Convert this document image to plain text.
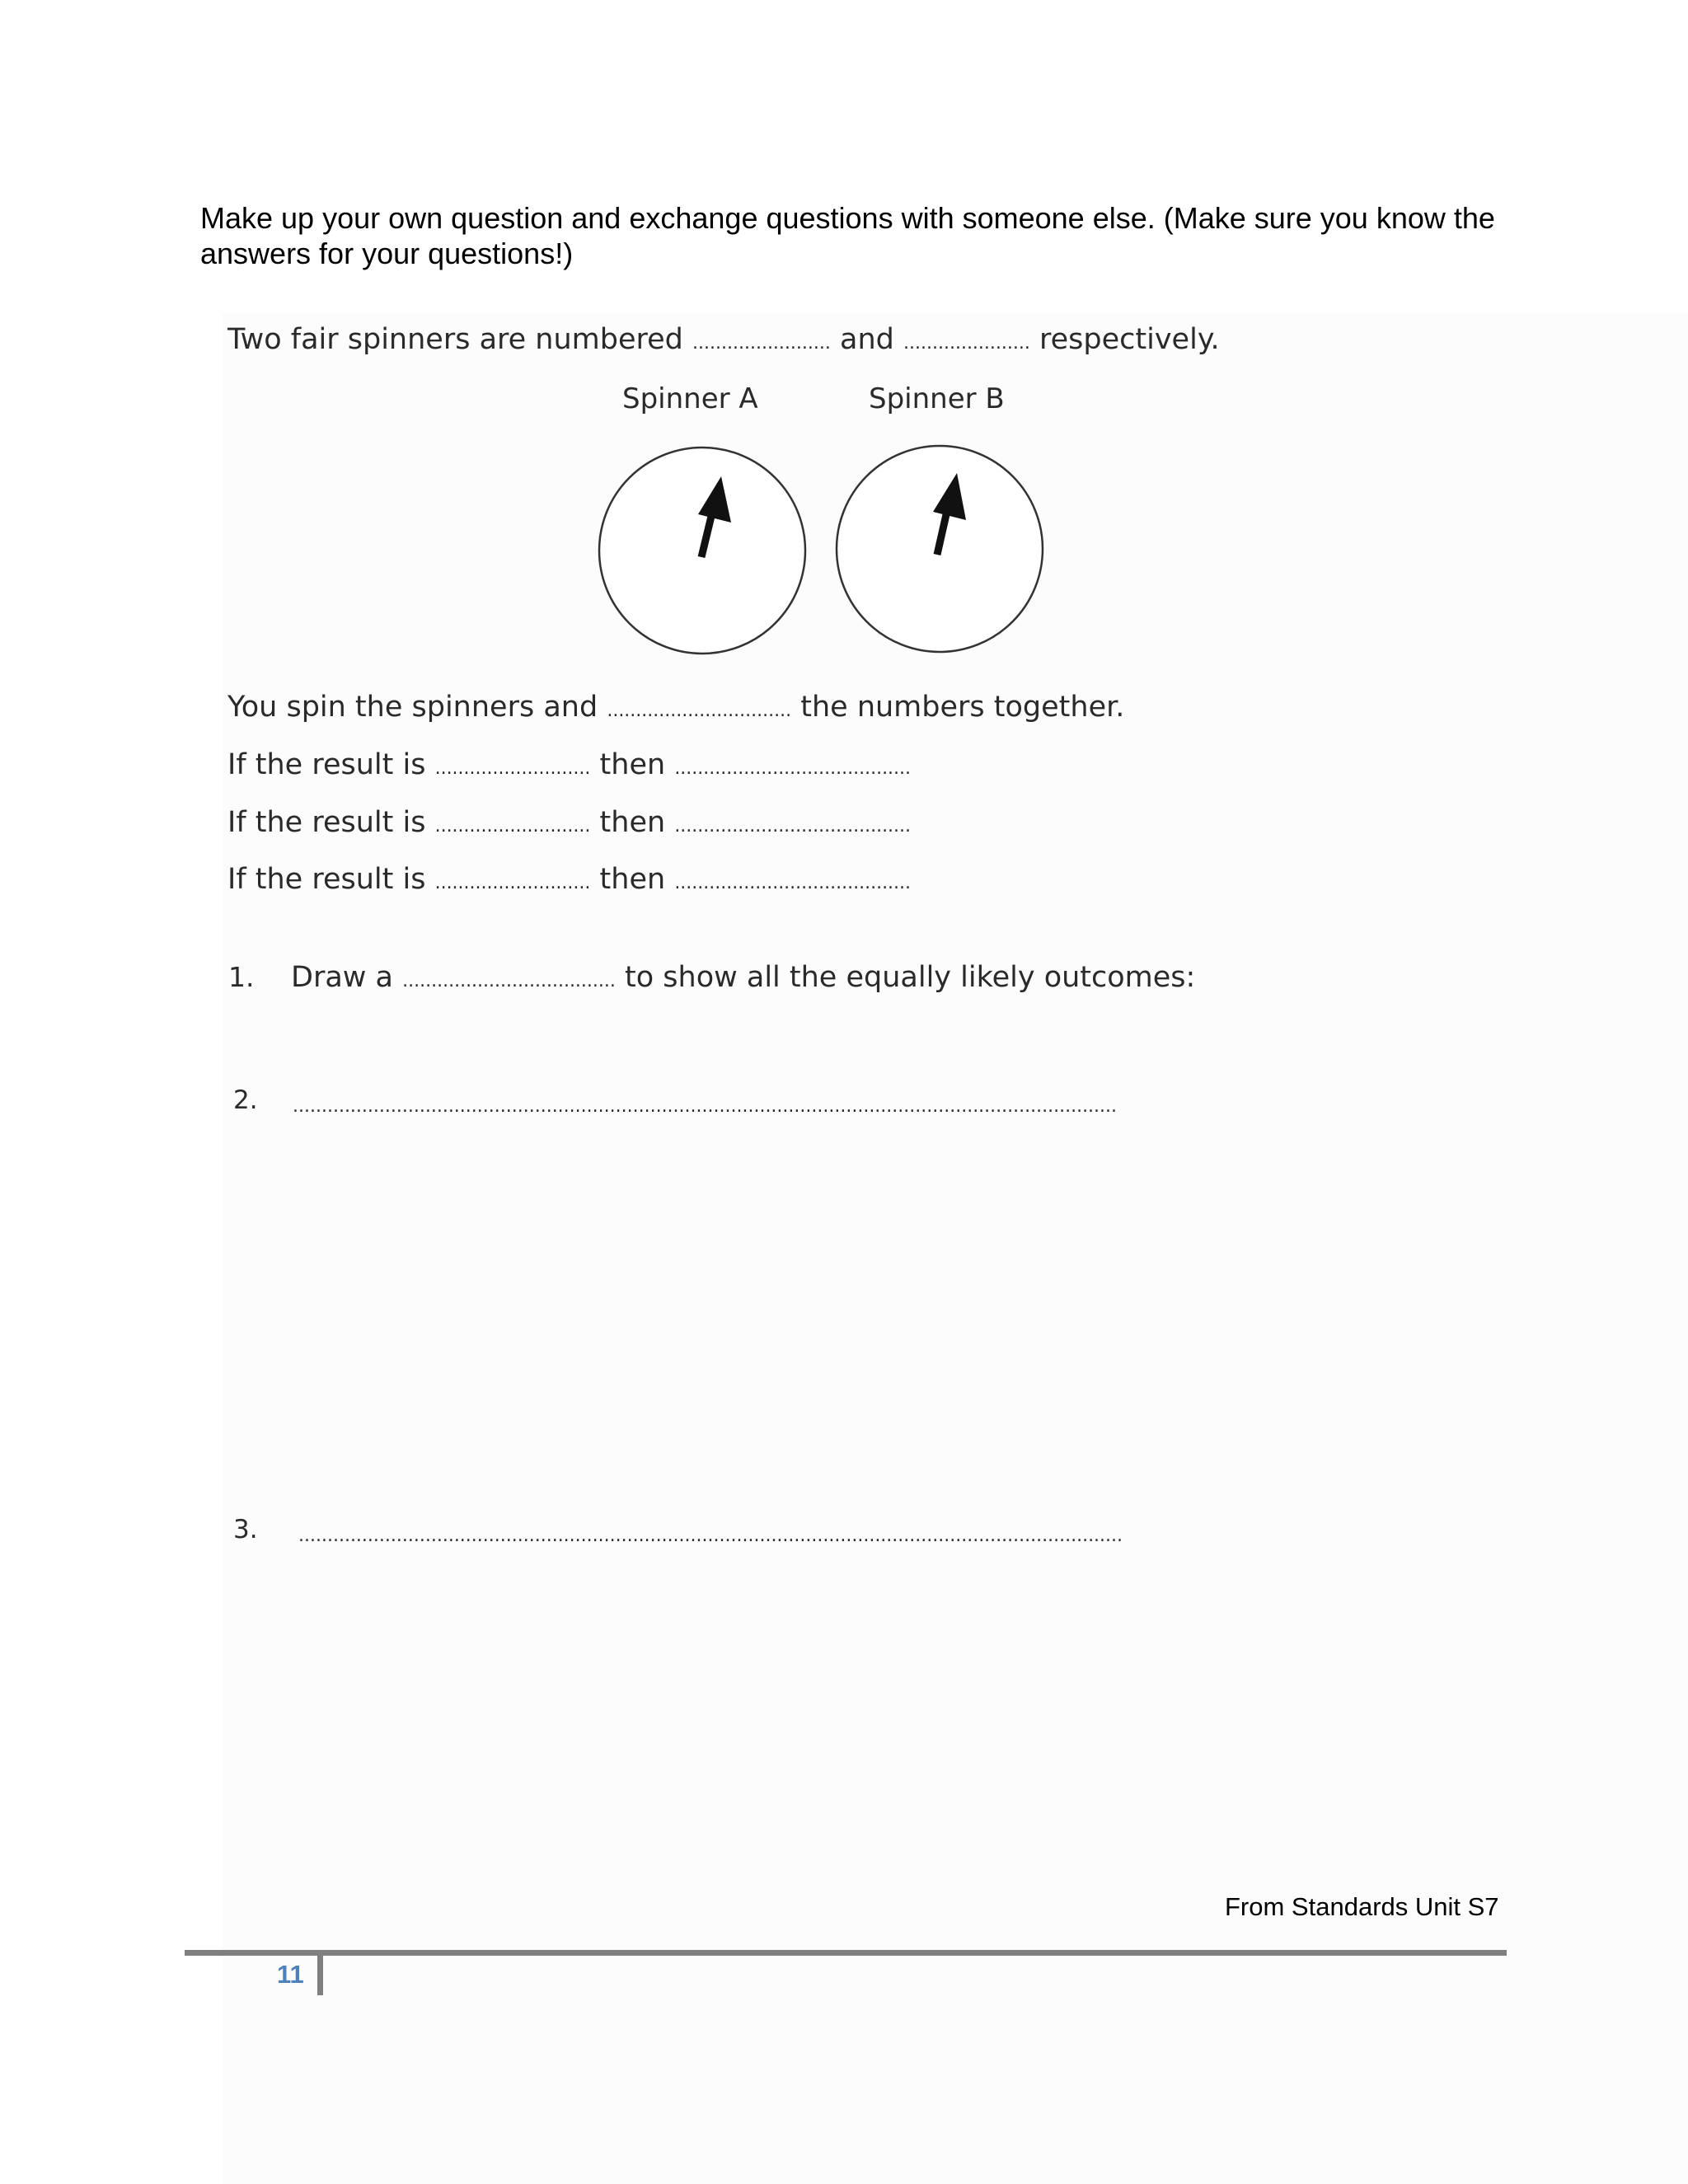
Make up your own question and exchange questions with someone else. (Make sure you know the answers for your questions!)
Two fair spinners are numbered ........................ and ...................... respectively.
Spinner A	Spinner B
You spin the spinners and ................................ the numbers together.
If the result is ........................... then .........................................
If the result is ........................... then .........................................
If the result is ........................... then .........................................
1. Draw a ..................................... to show all the equally likely outcomes:
2. ...............................................................................................................................................
3. ...............................................................................................................................................
From Standards Unit S7
11
